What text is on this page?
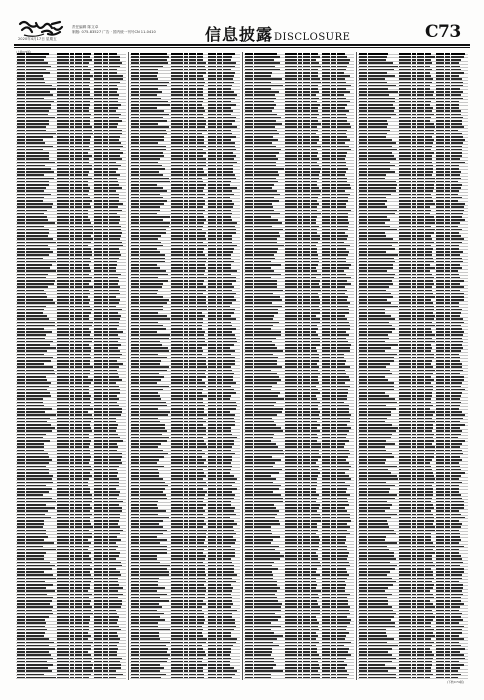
责任编辑 陈文卓
制版: 075-83527 广告 · 国内统一刊号CN 11-0410
2020年4月17日 星期五	信息披露DISCLOSURE	C73
(下转C74版)
